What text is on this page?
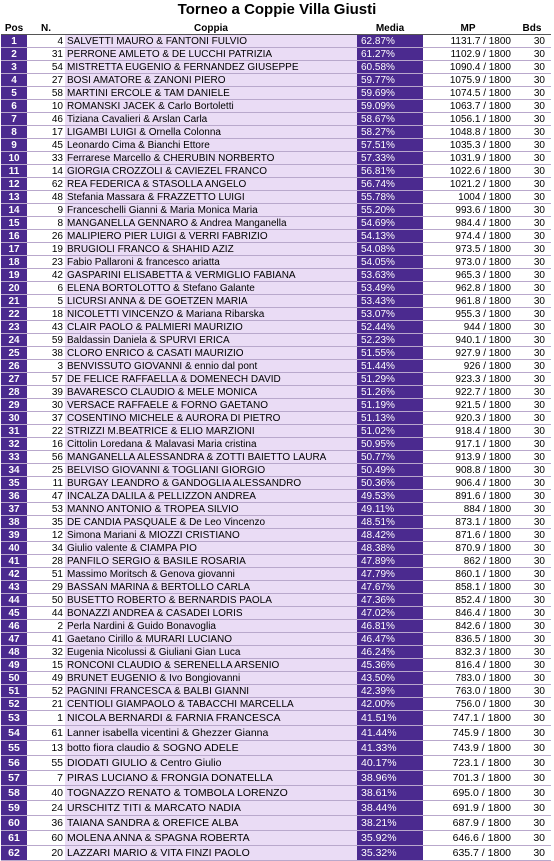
Torneo a Coppie Villa Giusti
Pos	N.	Coppia	Media	MP	Bds
1	4	SALVETTI MAURO & FANTONI FULVIO	62.87%	1131.7 / 1800	30
2	31	PERRONE AMLETO & DE LUCCHI PATRIZIA	61.27%	1102.9 / 1800	30
3	54	MISTRETTA EUGENIO & FERNANDEZ GIUSEPPE	60.58%	1090.4 / 1800	30
4	27	BOSI AMATORE & ZANONI PIERO	59.77%	1075.9 / 1800	30
5	58	MARTINI ERCOLE & TAM DANIELE	59.69%	1074.5 / 1800	30
6	10	ROMANSKI JACEK & Carlo Bortoletti	59.09%	1063.7 / 1800	30
7	46	Tiziana Cavalieri & Arslan Carla	58.67%	1056.1 / 1800	30
8	17	LIGAMBI LUIGI & Ornella Colonna	58.27%	1048.8 / 1800	30
9	45	Leonardo Cima & Bianchi Ettore	57.51%	1035.3 / 1800	30
10	33	Ferrarese Marcello & CHERUBIN NORBERTO	57.33%	1031.9 / 1800	30
11	14	GIORGIA CROZZOLI & CAVIEZEL FRANCO	56.81%	1022.6 / 1800	30
12	62	REA FEDERICA & STASOLLA ANGELO	56.74%	1021.2 / 1800	30
13	48	Stefania Massara & FRAZZETTO LUIGI	55.78%	1004 / 1800	30
14	9	Franceschelli Gianni & Maria Monica Maria	55.20%	993.6 / 1800	30
15	8	MANGANELLA GENNARO & Andrea Manganella	54.69%	984.4 / 1800	30
16	26	MALIPIERO PIER LUIGI & VERRI FABRIZIO	54.13%	974.4 / 1800	30
17	19	BRUGIOLI FRANCO & SHAHID AZIZ	54.08%	973.5 / 1800	30
18	23	Fabio Pallaroni & francesco ariatta	54.05%	973.0 / 1800	30
19	42	GASPARINI ELISABETTA & VERMIGLIO FABIANA	53.63%	965.3 / 1800	30
20	6	ELENA BORTOLOTTO & Stefano Galante	53.49%	962.8 / 1800	30
21	5	LICURSI ANNA & DE GOETZEN MARIA	53.43%	961.8 / 1800	30
22	18	NICOLETTI VINCENZO & Mariana Ribarska	53.07%	955.3 / 1800	30
23	43	CLAIR PAOLO & PALMIERI MAURIZIO	52.44%	944 / 1800	30
24	59	Baldassin Daniela & SPURVI ERICA	52.23%	940.1 / 1800	30
25	38	CLORO ENRICO & CASATI MAURIZIO	51.55%	927.9 / 1800	30
26	3	BENVISSUTO GIOVANNI & ennio dal pont	51.44%	926 / 1800	30
27	57	DE FELICE RAFFAELLA & DOMENECH DAVID	51.29%	923.3 / 1800	30
28	39	BAVARESCO CLAUDIO & MELE MONICA	51.26%	922.7 / 1800	30
29	30	VERSACE RAFFAELE & FORNO GAETANO	51.19%	921.5 / 1800	30
30	37	COSENTINO MICHELE & AURORA DI PIETRO	51.13%	920.3 / 1800	30
31	22	STRIZZI M.BEATRICE & ELIO MARZIONI	51.02%	918.4 / 1800	30
32	16	Cittolin Loredana & Malavasi Maria cristina	50.95%	917.1 / 1800	30
33	56	MANGANELLA ALESSANDRA & ZOTTI BAIETTO LAURA	50.77%	913.9 / 1800	30
34	25	BELVISO GIOVANNI & TOGLIANI GIORGIO	50.49%	908.8 / 1800	30
35	11	BURGAY LEANDRO & GANDOGLIA ALESSANDRO	50.36%	906.4 / 1800	30
36	47	INCALZA DALILA & PELLIZZON ANDREA	49.53%	891.6 / 1800	30
37	53	MANNO ANTONIO & TROPEA SILVIO	49.11%	884 / 1800	30
38	35	DE CANDIA PASQUALE & De Leo Vincenzo	48.51%	873.1 / 1800	30
39	12	Simona Mariani & MIOZZI CRISTIANO	48.42%	871.6 / 1800	30
40	34	Giulio valente & CIAMPA PIO	48.38%	870.9 / 1800	30
41	28	PANFILO SERGIO & BASILE ROSARIA	47.89%	862 / 1800	30
42	51	Massimo Moritsch & Genova giovanni	47.79%	860.1 / 1800	30
43	29	BASSAN MARINA & BERTOLLO CARLA	47.67%	858.1 / 1800	30
44	50	BUSETTO ROBERTO & BERNARDIS PAOLA	47.36%	852.4 / 1800	30
45	44	BONAZZI ANDREA & CASADEI LORIS	47.02%	846.4 / 1800	30
46	2	Perla Nardini & Guido Bonavoglia	46.81%	842.6 / 1800	30
47	41	Gaetano Cirillo & MURARI LUCIANO	46.47%	836.5 / 1800	30
48	32	Eugenia Nicolussi & Giuliani Gian Luca	46.24%	832.3 / 1800	30
49	15	RONCONI CLAUDIO & SERENELLA ARSENIO	45.36%	816.4 / 1800	30
50	49	BRUNET EUGENIO & Ivo Bongiovanni	43.50%	783.0 / 1800	30
51	52	PAGNINI FRANCESCA & BALBI GIANNI	42.39%	763.0 / 1800	30
52	21	CENTIOLI GIAMPAOLO & TABACCHI MARCELLA	42.00%	756.0 / 1800	30
53	1	NICOLA BERNARDI & FARNIA FRANCESCA	41.51%	747.1 / 1800	30
54	61	Lanner isabella vicentini & Ghezzer Gianna	41.44%	745.9 / 1800	30
55	13	botto fiora claudio & SOGNO ADELE	41.33%	743.9 / 1800	30
56	55	DIODATI GIULIO & Centro Giulio	40.17%	723.1 / 1800	30
57	7	PIRAS LUCIANO & FRONGIA DONATELLA	38.96%	701.3 / 1800	30
58	40	TOGNAZZO RENATO & TOMBOLA LORENZO	38.61%	695.0 / 1800	30
59	24	URSCHITZ TITI & MARCATO NADIA	38.44%	691.9 / 1800	30
60	36	TAIANA SANDRA & OREFICE ALBA	38.21%	687.9 / 1800	30
61	60	MOLENA ANNA & SPAGNA ROBERTA	35.92%	646.6 / 1800	30
62	20	LAZZARI MARIO & VITA FINZI PAOLO	35.32%	635.7 / 1800	30
